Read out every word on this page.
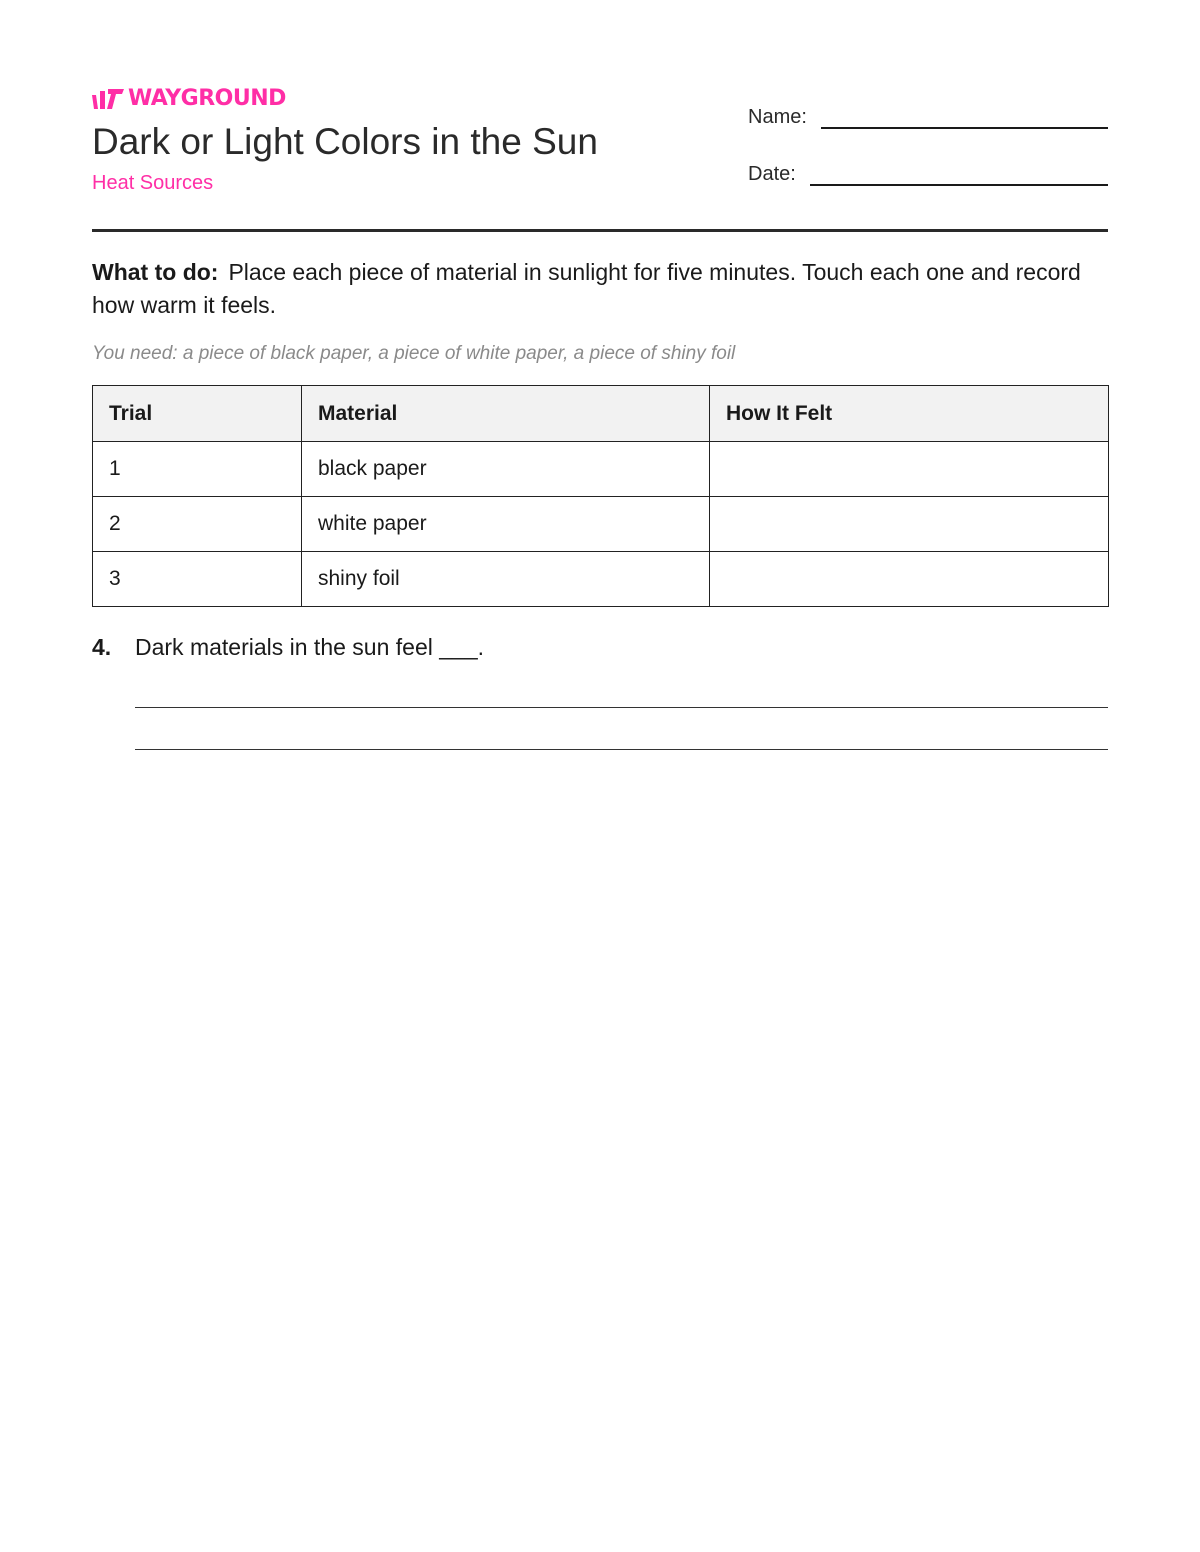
WAYGROUND
Dark or Light Colors in the Sun
Heat Sources
Name:
Date:
What to do: Place each piece of material in sunlight for five minutes. Touch each one and record how warm it feels.
You need: a piece of black paper, a piece of white paper, a piece of shiny foil
Trial	Material	How It Felt
1	black paper	
2	white paper	
3	shiny foil	
4. Dark materials in the sun feel ___.
